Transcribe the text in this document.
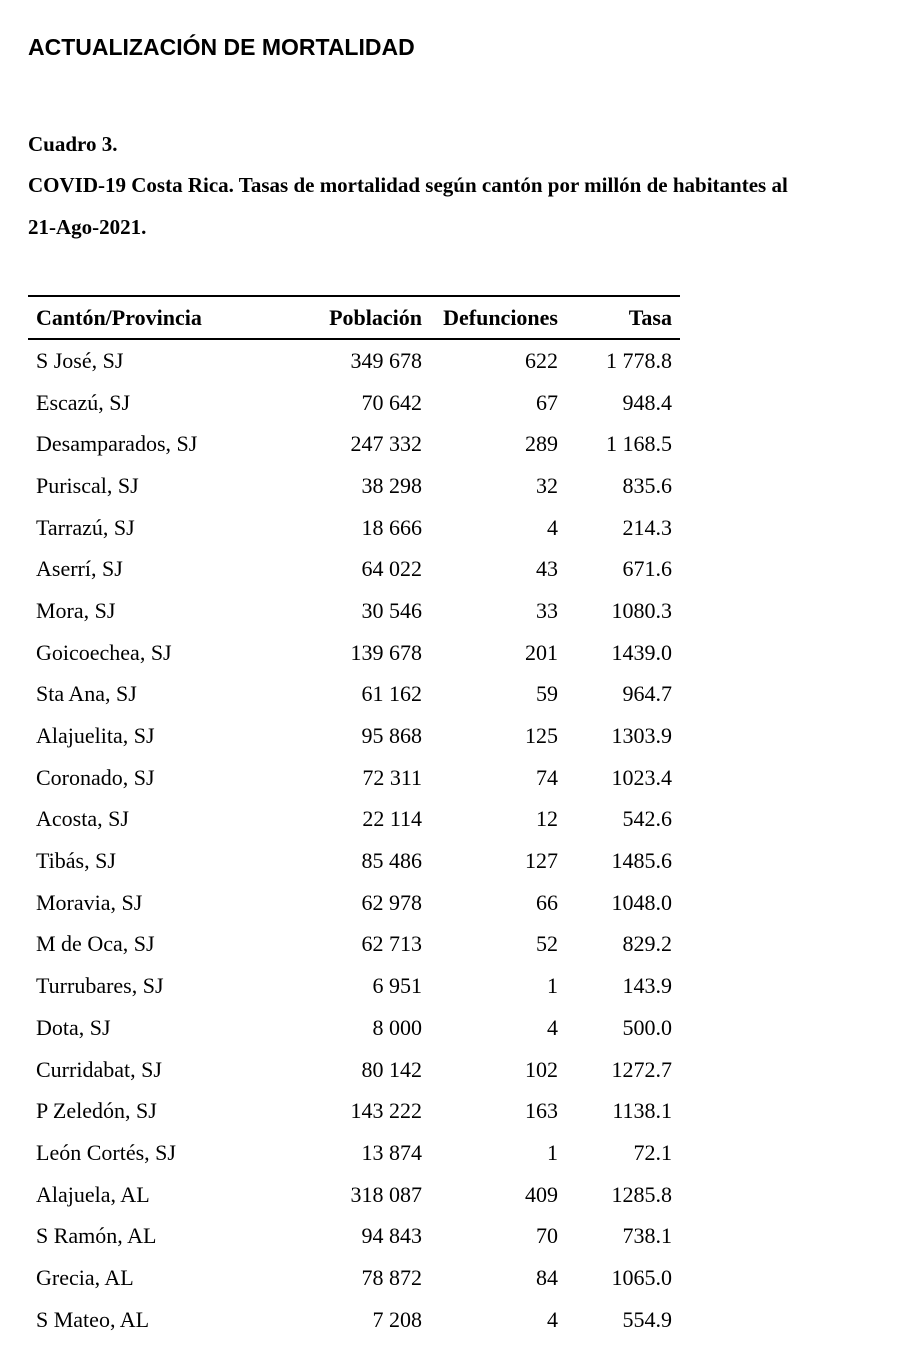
ACTUALIZACIÓN DE MORTALIDAD

Cuadro 3.

COVID-19 Costa Rica. Tasas de mortalidad según cantón por millón de habitantes al

21-Ago-2021.

Cantón/Provincia	Población	Defunciones	Tasa
S José, SJ	349 678	622	1 778.8
Escazú, SJ	70 642	67	948.4
Desamparados, SJ	247 332	289	1 168.5
Puriscal, SJ	38 298	32	835.6
Tarrazú, SJ	18 666	4	214.3
Aserrí, SJ	64 022	43	671.6
Mora, SJ	30 546	33	1080.3
Goicoechea, SJ	139 678	201	1439.0
Sta Ana, SJ	61 162	59	964.7
Alajuelita, SJ	95 868	125	1303.9
Coronado, SJ	72 311	74	1023.4
Acosta, SJ	22 114	12	542.6
Tibás, SJ	85 486	127	1485.6
Moravia, SJ	62 978	66	1048.0
M de Oca, SJ	62 713	52	829.2
Turrubares, SJ	6 951	1	143.9
Dota, SJ	8 000	4	500.0
Curridabat, SJ	80 142	102	1272.7
P Zeledón, SJ	143 222	163	1138.1
León Cortés, SJ	13 874	1	72.1
Alajuela, AL	318 087	409	1285.8
S Ramón, AL	94 843	70	738.1
Grecia, AL	78 872	84	1065.0
S Mateo, AL	7 208	4	554.9
